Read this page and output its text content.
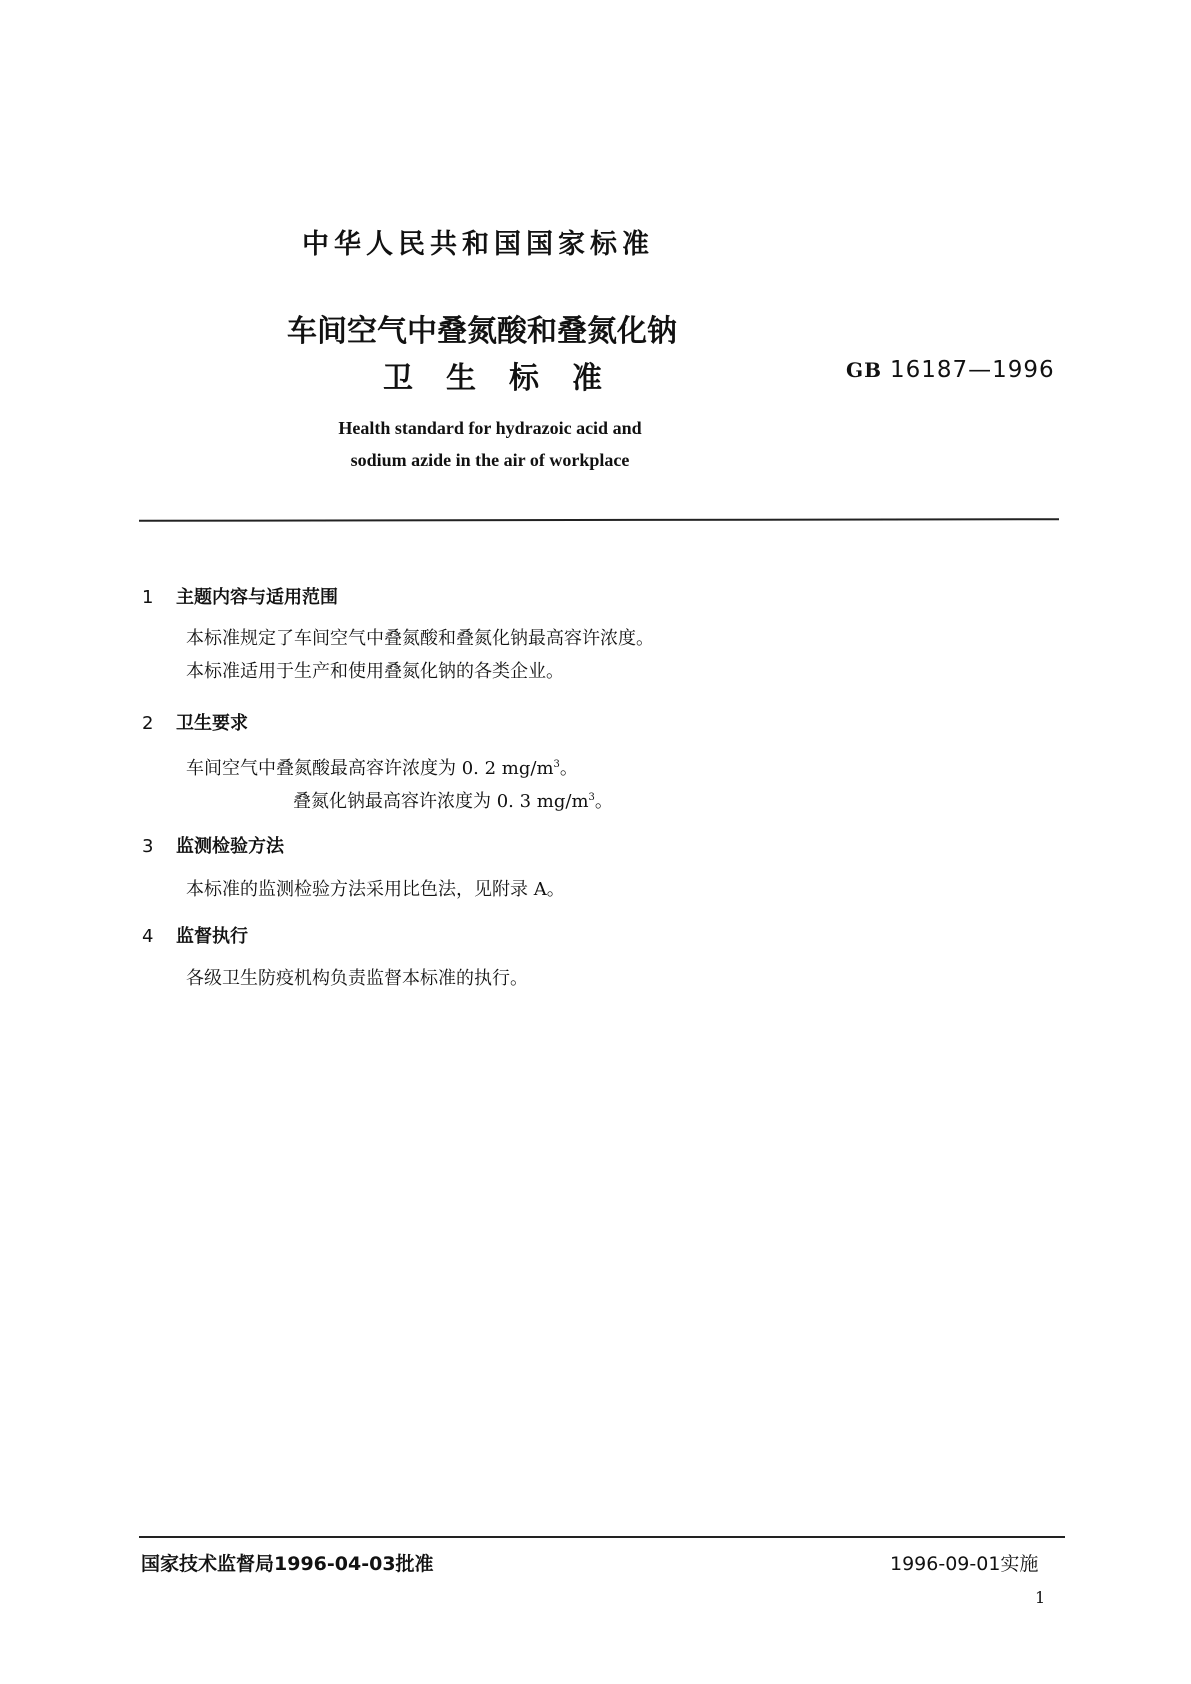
中华人民共和国国家标准
车间空气中叠氮酸和叠氮化钠
卫生标准	GB 16187—1996
Health standard for hydrazoic acid and sodium azide in the air of workplace
1 主题内容与适用范围
本标准规定了车间空气中叠氮酸和叠氮化钠最高容许浓度。
本标准适用于生产和使用叠氮化钠的各类企业。
2 卫生要求
车间空气中叠氮酸最高容许浓度为 0. 2 $mg/m^3$。
叠氮化钠最高容许浓度为 0. 3 $mg/m^3$。
3 监测检验方法
本标准的监测检验方法采用比色法，见附录 A。
4 监督执行
各级卫生防疫机构负责监督本标准的执行。
国家技术监督局1996-04-03批准	1996-09-01实施
1
